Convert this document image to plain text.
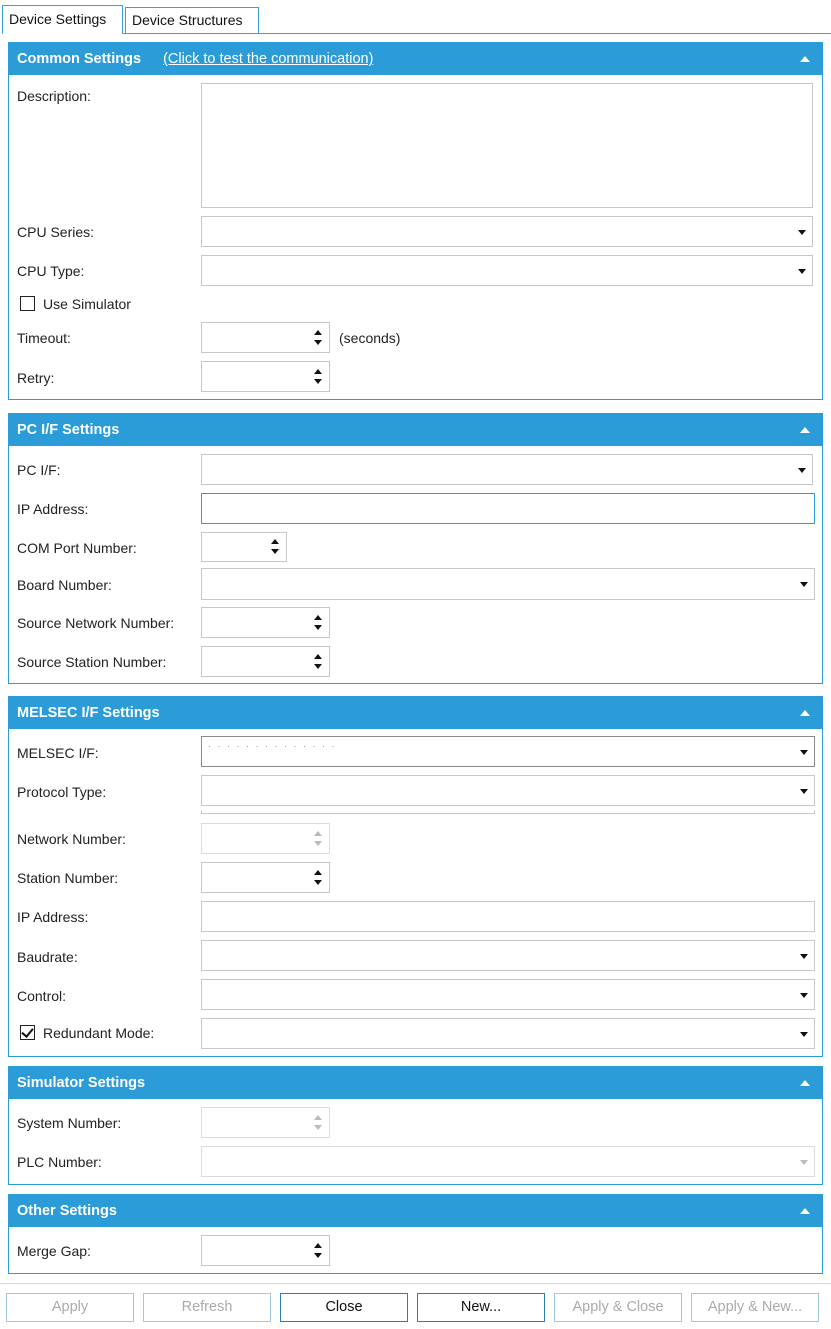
Device Settings	Device Structures
Common Settings (Click to test the communication)
Description:
CPU Series:
CPU Type:
Use Simulator
Timeout:	(seconds)
Retry:
PC I/F Settings
PC I/F:
IP Address:
COM Port Number:
Board Number:
Source Network Number:
Source Station Number:
MELSEC I/F Settings
MELSEC I/F:	· · · · · · · · · · · · · ·
Protocol Type:
Network Number:
Station Number:
IP Address:
Baudrate:
Control:
Redundant Mode:
Simulator Settings
System Number:
PLC Number:
Other Settings
Merge Gap:
Apply	Refresh	Close	New...	Apply & Close	Apply & New...
